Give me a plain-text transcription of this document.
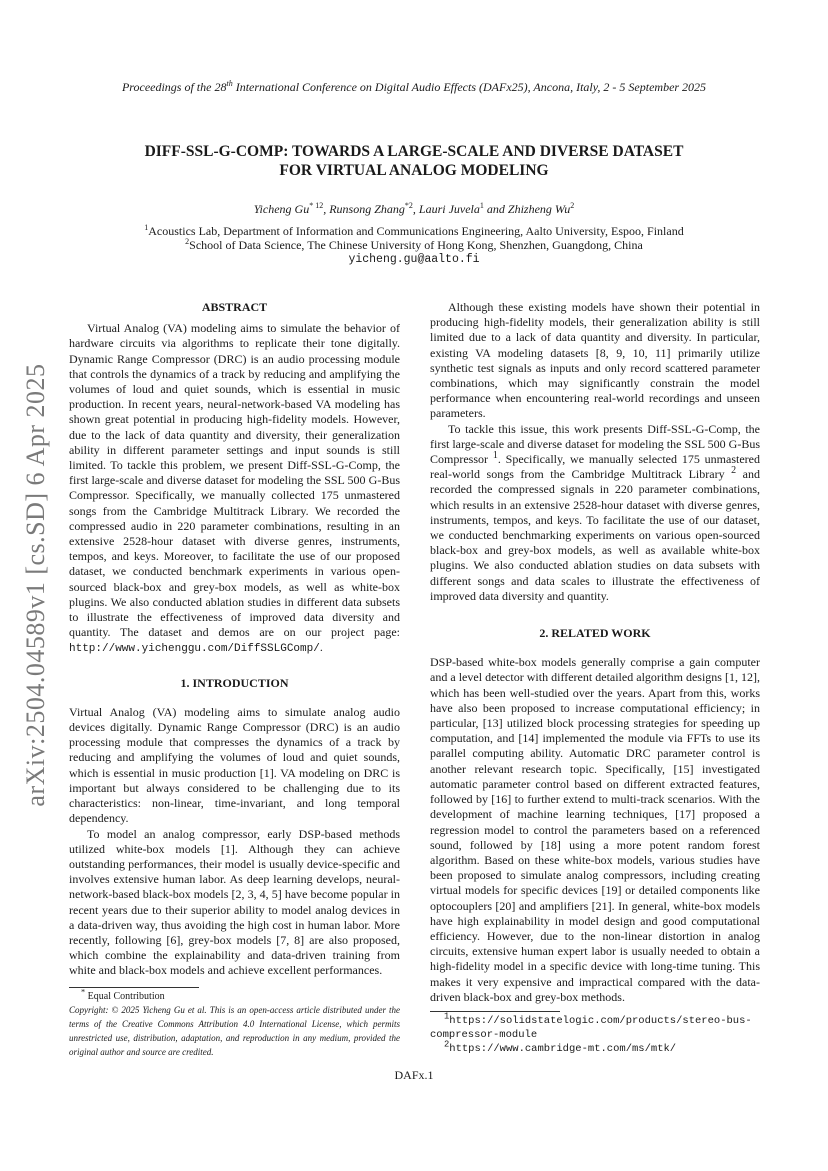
Proceedings of the 28th International Conference on Digital Audio Effects (DAFx25), Ancona, Italy, 2 - 5 September 2025
arXiv:2504.04589v1 [cs.SD] 6 Apr 2025
DIFF-SSL-G-COMP: TOWARDS A LARGE-SCALE AND DIVERSE DATASET
FOR VIRTUAL ANALOG MODELING
Yicheng Gu$^{* 12}$, Runsong Zhang$^{*2}$, Lauri Juvela$^1$ and Zhizheng Wu$^2$
$^1$Acoustics Lab, Department of Information and Communications Engineering, Aalto University, Espoo, Finland
$^2$School of Data Science, The Chinese University of Hong Kong, Shenzhen, Guangdong, China
yicheng.gu@aalto.fi

ABSTRACT

Virtual Analog (VA) modeling aims to simulate the behavior of hardware circuits via algorithms to replicate their tone digitally. Dynamic Range Compressor (DRC) is an audio processing module that controls the dynamics of a track by reducing and amplifying the volumes of loud and quiet sounds, which is essential in music production. In recent years, neural-network-based VA modeling has shown great potential in producing high-fidelity models. However, due to the lack of data quantity and diversity, their generalization ability in different parameter settings and input sounds is still limited. To tackle this problem, we present Diff-SSL-G-Comp, the first large-scale and diverse dataset for modeling the SSL 500 G-Bus Compressor. Specifically, we manually collected 175 unmastered songs from the Cambridge Multitrack Library. We recorded the compressed audio in 220 parameter combinations, resulting in an extensive 2528-hour dataset with diverse genres, instruments, tempos, and keys. Moreover, to facilitate the use of our proposed dataset, we conducted benchmark experiments in various open-sourced black-box and grey-box models, as well as white-box plugins. We also conducted ablation studies in different data subsets to illustrate the effectiveness of improved data diversity and quantity. The dataset and demos are on our project page: http://www.yichenggu.com/DiffSSLGComp/.

1. INTRODUCTION

Virtual Analog (VA) modeling aims to simulate analog audio devices digitally. Dynamic Range Compressor (DRC) is an audio processing module that compresses the dynamics of a track by reducing and amplifying the volumes of loud and quiet sounds, which is essential in music production [1]. VA modeling on DRC is important but always considered to be challenging due to its characteristics: non-linear, time-invariant, and long temporal dependency.

To model an analog compressor, early DSP-based methods utilized white-box models [1]. Although they can achieve outstanding performances, their model is usually device-specific and involves extensive human labor. As deep learning develops, neural-network-based black-box models [2, 3, 4, 5] have become popular in recent years due to their superior ability to model analog devices in a data-driven way, thus avoiding the high cost in human labor. More recently, following [6], grey-box models [7, 8] are also proposed, which combine the explainability and data-driven training from white and black-box models and achieve excellent performances.

* Equal Contribution
Copyright: © 2025 Yicheng Gu et al. This is an open-access article distributed under the terms of the Creative Commons Attribution 4.0 International License, which permits unrestricted use, distribution, adaptation, and reproduction in any medium, provided the original author and source are credited.

Although these existing models have shown their potential in producing high-fidelity models, their generalization ability is still limited due to a lack of data quantity and diversity. In particular, existing VA modeling datasets [8, 9, 10, 11] primarily utilize synthetic test signals as inputs and only record scattered parameter combinations, which may significantly constrain the model performance when encountering real-world recordings and unseen parameters.

To tackle this issue, this work presents Diff-SSL-G-Comp, the first large-scale and diverse dataset for modeling the SSL 500 G-Bus Compressor $^1$. Specifically, we manually selected 175 unmastered real-world songs from the Cambridge Multitrack Library $^2$ and recorded the compressed signals in 220 parameter combinations, which results in an extensive 2528-hour dataset with diverse genres, instruments, tempos, and keys. To facilitate the use of our dataset, we conducted benchmarking experiments on various open-sourced black-box and grey-box models, as well as available white-box plugins. We also conducted ablation studies on data subsets with different songs and data scales to illustrate the effectiveness of improved data diversity and quantity.

2. RELATED WORK

DSP-based white-box models generally comprise a gain computer and a level detector with different detailed algorithm designs [1, 12], which has been well-studied over the years. Apart from this, works have also been proposed to increase computational efficiency; in particular, [13] utilized block processing strategies for speeding up computation, and [14] implemented the module via FFTs to use its parallel computing ability. Automatic DRC parameter control is another relevant research topic. Specifically, [15] investigated automatic parameter control based on different extracted features, followed by [16] to further extend to multi-track scenarios. With the development of machine learning techniques, [17] proposed a regression model to control the parameters based on a referenced sound, followed by [18] using a more potent random forest algorithm. Based on these white-box models, various studies have been proposed to simulate analog compressors, including creating virtual models for specific devices [19] or detailed components like optocouplers [20] and amplifiers [21]. In general, white-box models have high explainability in model design and good computational efficiency. However, due to the non-linear distortion in analog circuits, extensive human expert labor is usually needed to obtain a high-fidelity model in a specific device with long-time tuning. This makes it very expensive and impractical compared with the data-driven black-box and grey-box methods.

$^1$https://solidstatelogic.com/products/stereo-bus-compressor-module
$^2$https://www.cambridge-mt.com/ms/mtk/
DAFx.1
